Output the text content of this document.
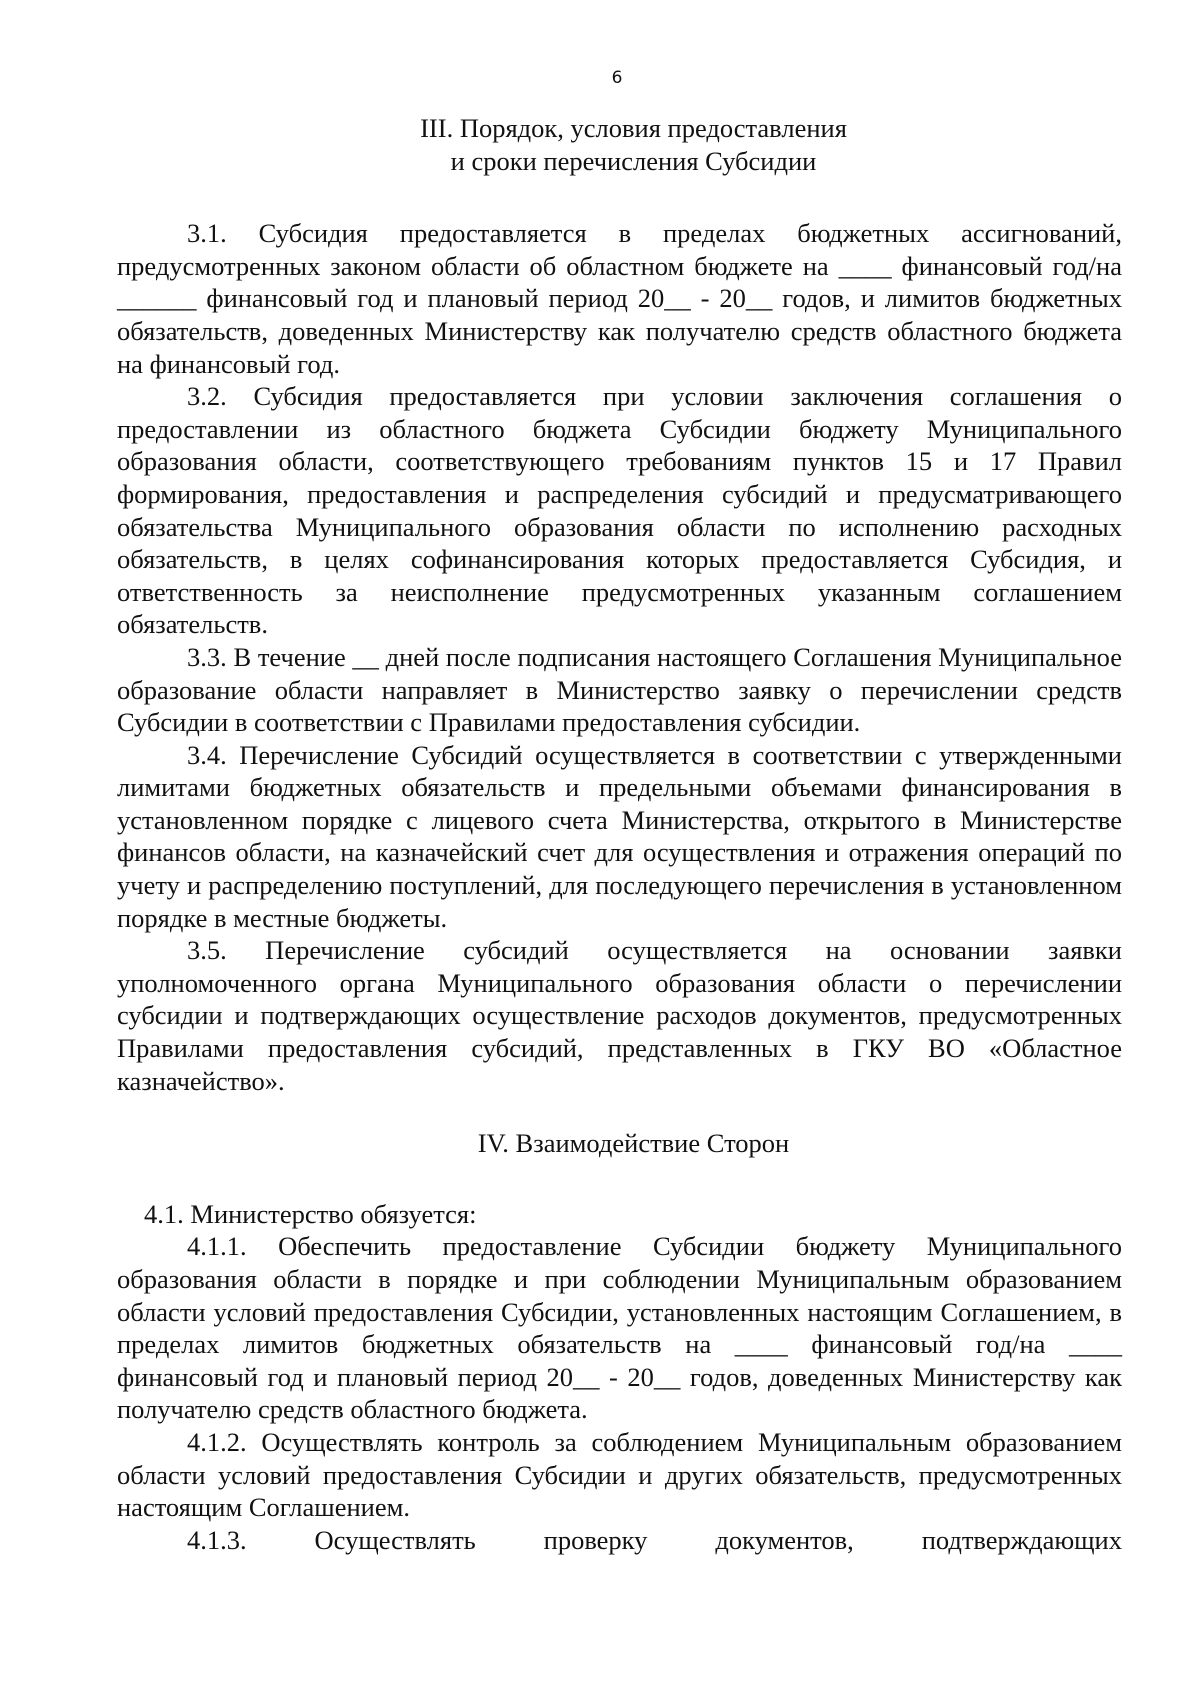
6
III. Порядок, условия предоставления
и сроки перечисления Субсидии

3.1. Субсидия предоставляется в пределах бюджетных ассигнований, предусмотренных законом области об областном бюджете на ____ финансовый год/на ______ финансовый год и плановый период 20__ - 20__ годов, и лимитов бюджетных обязательств, доведенных Министерству как получателю средств областного бюджета на финансовый год.

3.2. Субсидия предоставляется при условии заключения соглашения о предоставлении из областного бюджета Субсидии бюджету Муниципального образования области, соответствующего требованиям пунктов 15 и 17 Правил формирования, предоставления и распределения субсидий и предусматривающего обязательства Муниципального образования области по исполнению расходных обязательств, в целях софинансирования которых предоставляется Субсидия, и ответственность за неисполнение предусмотренных указанным соглашением обязательств.

3.3. В течение __ дней после подписания настоящего Соглашения Муниципальное образование области направляет в Министерство заявку о перечислении средств Субсидии в соответствии с Правилами предоставления субсидии.

3.4. Перечисление Субсидий осуществляется в соответствии с утвержденными лимитами бюджетных обязательств и предельными объемами финансирования в установленном порядке с лицевого счета Министерства, открытого в Министерстве финансов области, на казначейский счет для осуществления и отражения операций по учету и распределению поступлений, для последующего перечисления в установленном порядке в местные бюджеты.

3.5. Перечисление субсидий осуществляется на основании заявки уполномоченного органа Муниципального образования области о перечислении субсидии и подтверждающих осуществление расходов документов, предусмотренных Правилами предоставления субсидий, представленных в ГКУ ВО «Областное казначейство».

IV. Взаимодействие Сторон

4.1. Министерство обязуется:

4.1.1. Обеспечить предоставление Субсидии бюджету Муниципального образования области в порядке и при соблюдении Муниципальным образованием области условий предоставления Субсидии, установленных настоящим Соглашением, в пределах лимитов бюджетных обязательств на ____ финансовый год/на ____ финансовый год и плановый период 20__ - 20__ годов, доведенных Министерству как получателю средств областного бюджета.

4.1.2. Осуществлять контроль за соблюдением Муниципальным образованием области условий предоставления Субсидии и других обязательств, предусмотренных настоящим Соглашением.

4.1.3. Осуществлять проверку документов, подтверждающих
